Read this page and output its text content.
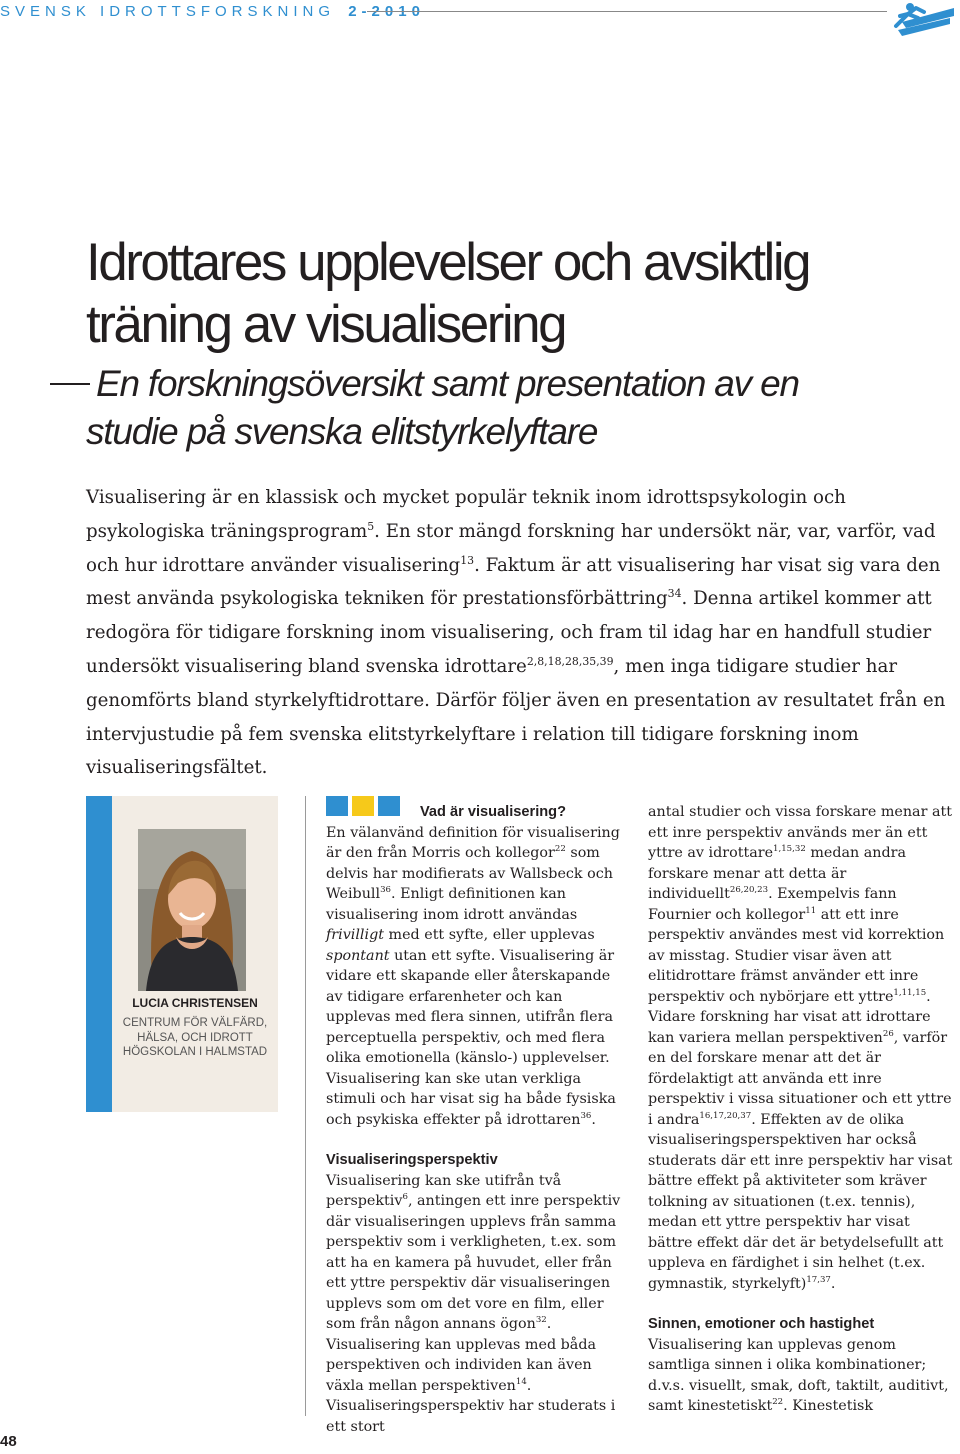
SVENSK IDROTTSFORSKNING 2-2010
Idrottares upplevelser och avsiktlig
träning av visualisering
En forskningsöversikt samt presentation av en
studie på svenska elitstyrkelyftare

Visualisering är en klassisk och mycket populär teknik inom idrottspsykologin och psykologiska träningsprogram$^5$. En stor mängd forskning har undersökt när, var, varför, vad och hur idrottare använder visualisering$^{13}$. Faktum är att visualisering har visat sig vara den mest använda psykologiska tekniken för prestationsförbättring$^{34}$. Denna artikel kommer att redogöra för tidigare forskning inom visualisering, och fram til idag har en handfull studier undersökt visualisering bland svenska idrottare$^{2,8,18,28,35,39}$, men inga tidigare studier har genomförts bland styrkelyftidrottare. Därför följer även en presentation av resultatet från en intervjustudie på fem svenska elitstyrkelyftare i relation till tidigare forskning inom visualiseringsfältet.

LUCIA CHRISTENSEN
CENTRUM FÖR VÄLFÄRD,
HÄLSA, OCH IDROTT
HÖGSKOLAN I HALMSTAD
Vad är visualisering?
En välanvänd definition för visualisering är den från Morris och kollegor$^{22}$ som delvis har modifierats av Wallsbeck och Weibull$^{36}$. Enligt definitionen kan visualisering inom idrott användas frivilligt med ett syfte, eller upplevas spontant utan ett syfte. Visualisering är vidare ett skapande eller återskapande av tidigare erfarenheter och kan upplevas med flera sinnen, utifrån flera perceptuella perspektiv, och med flera olika emotionella (känslo-) upplevelser. Visualisering kan ske utan verkliga stimuli och har visat sig ha både fysiska och psykiska effekter på idrottaren$^{36}$.
Visualiseringsperspektiv
Visualisering kan ske utifrån två perspektiv$^6$, antingen ett inre perspektiv där visualiseringen upplevs från samma perspektiv som i verkligheten, t.ex. som att ha en kamera på huvudet, eller från ett yttre perspektiv där visualiseringen upplevs som om det vore en film, eller som från någon annans ögon$^{32}$. Visualisering kan upplevas med båda perspektiven och individen kan även växla mellan perspektiven$^{14}$. Visualiseringsperspektiv har studerats i ett stort
antal studier och vissa forskare menar att ett inre perspektiv används mer än ett yttre av idrottare$^{1,15,32}$ medan andra forskare menar att detta är individuellt$^{26,20,23}$. Exempelvis fann Fournier och kollegor$^{11}$ att ett inre perspektiv användes mest vid korrektion av misstag. Studier visar även att elitidrottare främst använder ett inre perspektiv och nybörjare ett yttre$^{1,11,15}$. Vidare forskning har visat att idrottare kan variera mellan perspektiven$^{26}$, varför en del forskare menar att det är fördelaktigt att använda ett inre perspektiv i vissa situationer och ett yttre i andra$^{16,17,20,37}$. Effekten av de olika visualiseringsperspektiven har också studerats där ett inre perspektiv har visat bättre effekt på aktiviteter som kräver tolkning av situationen (t.ex. tennis), medan ett yttre perspektiv har visat bättre effekt där det är betydelsefullt att uppleva en färdighet i sin helhet (t.ex. gymnastik, styrkelyft)$^{17,37}$.
Sinnen, emotioner och hastighet
Visualisering kan upplevas genom samtliga sinnen i olika kombinationer; d.v.s. visuellt, smak, doft, taktilt, auditivt, samt kinestetiskt$^{22}$. Kinestetisk
48
